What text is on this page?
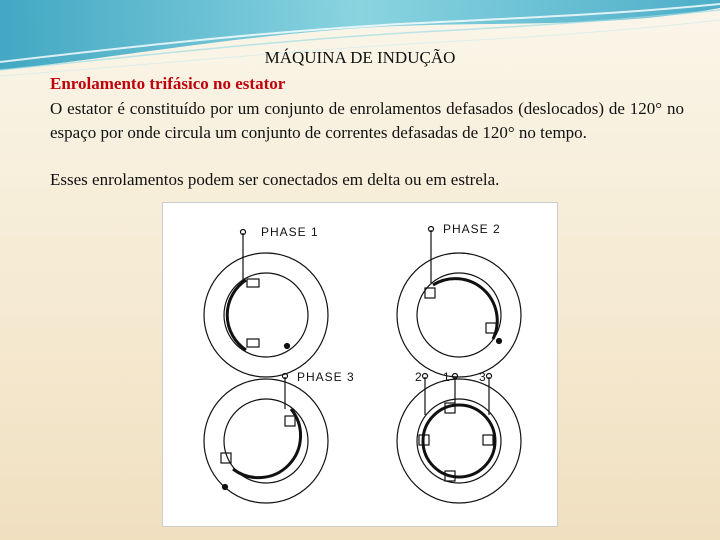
MÁQUINA DE INDUÇÃO
Enrolamento trifásico no estator

O estator é constituído por um conjunto de enrolamentos defasados (deslocados) de 120° no espaço por onde circula um conjunto de correntes defasadas de 120° no tempo.

Esses enrolamentos podem ser conectados em delta ou em estrela.

PHASE 1	PHASE 2
PHASE 3	2 1 3
